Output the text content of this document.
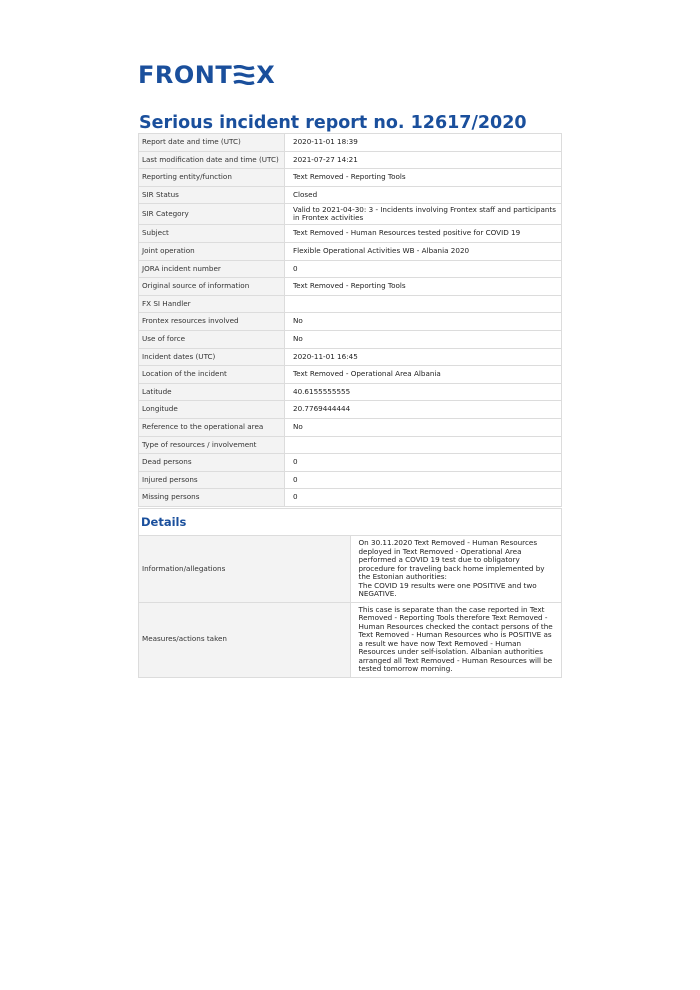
FRONT X
Serious incident report no. 12617/2020
Report date and time (UTC)	2020-11-01 18:39
Last modification date and time (UTC)	2021-07-27 14:21
Reporting entity/function	Text Removed - Reporting Tools
SIR Status	Closed
SIR Category	Valid to 2021-04-30: 3 - Incidents involving Frontex staff and participants in Frontex activities
Subject	Text Removed - Human Resources tested positive for COVID 19
Joint operation	Flexible Operational Activities WB - Albania 2020
JORA incident number	0
Original source of information	Text Removed - Reporting Tools
FX SI Handler	
Frontex resources involved	No
Use of force	No
Incident dates (UTC)	2020-11-01 16:45
Location of the incident	Text Removed - Operational Area Albania
Latitude	40.6155555555
Longitude	20.7769444444
Reference to the operational area	No
Type of resources / involvement	
Dead persons	0
Injured persons	0
Missing persons	0
Details	
Information/allegations	On 30.11.2020 Text Removed - Human Resources deployed in Text Removed - Operational Area performed a COVID 19 test due to obligatory procedure for traveling back home implemented by the Estonian authorities:
The COVID 19 results were one POSITIVE and two NEGATIVE.
Measures/actions taken	This case is separate than the case reported in Text Removed - Reporting Tools therefore Text Removed - Human Resources checked the contact persons of the Text Removed - Human Resources who is POSITIVE as a result we have now Text Removed - Human Resources under self-isolation. Albanian authorities arranged all Text Removed - Human Resources will be tested tomorrow morning.
